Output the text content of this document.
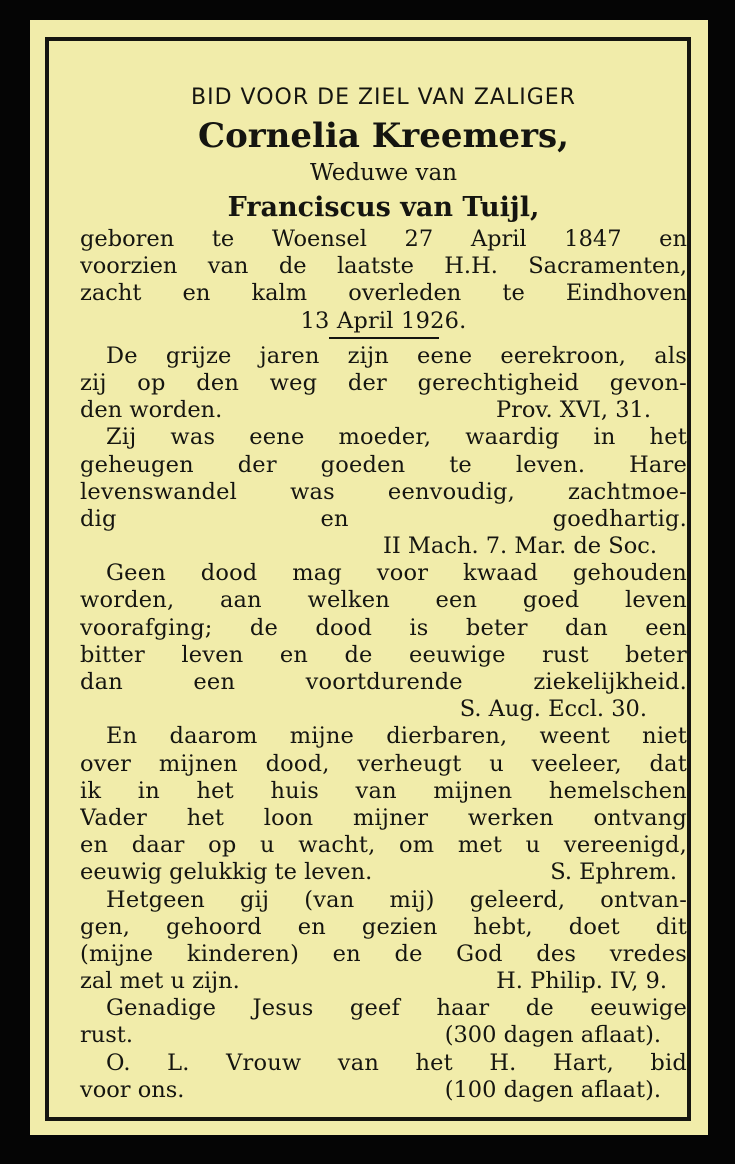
BID VOOR DE ZIEL VAN ZALIGER
Cornelia Kreemers,
Weduwe van
Franciscus van Tuijl,
geboren te Woensel 27 April 1847 en
voorzien van de laatste H.H. Sacramenten,
zacht en kalm overleden te Eindhoven
13 April 1926.
De grijze jaren zijn eene eerekroon, als
zij op den weg der gerechtigheid gevon-
den worden.	Prov. XVI, 31.
Zij was eene moeder, waardig in het
geheugen der goeden te leven. Hare
levenswandel was eenvoudig, zachtmoe-
dig en goedhartig.
II Mach. 7. Mar. de Soc.
Geen dood mag voor kwaad gehouden
worden, aan welken een goed leven
voorafging; de dood is beter dan een
bitter leven en de eeuwige rust beter
dan een voortdurende ziekelijkheid.
S. Aug. Eccl. 30.
En daarom mijne dierbaren, weent niet
over mijnen dood, verheugt u veeleer, dat
ik in het huis van mijnen hemelschen
Vader het loon mijner werken ontvang
en daar op u wacht, om met u vereenigd,
eeuwig gelukkig te leven.	S. Ephrem.
Hetgeen gij (van mij) geleerd, ontvan-
gen, gehoord en gezien hebt, doet dit
(mijne kinderen) en de God des vredes
zal met u zijn.	H. Philip. IV, 9.
Genadige Jesus geef haar de eeuwige
rust.	(300 dagen aflaat).
O. L. Vrouw van het H. Hart, bid
voor ons.	(100 dagen aflaat).
